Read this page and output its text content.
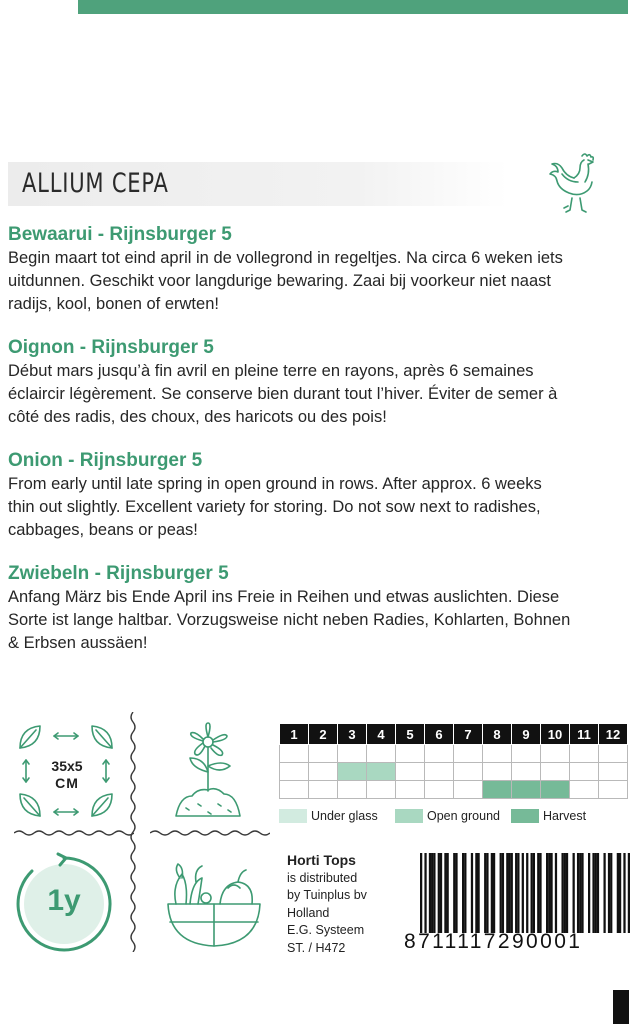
ALLIUM CEPA
Bewaarui - Rijnsburger 5
Begin maart tot eind april in de vollegrond in regeltjes. Na circa 6 weken iets
uitdunnen. Geschikt voor langdurige bewaring. Zaai bij voorkeur niet naast
radijs, kool, bonen of erwten!
Oignon - Rijnsburger 5
Début mars jusqu’à fin avril en pleine terre en rayons, après 6 semaines
éclaircir légèrement. Se conserve bien durant tout l’hiver. Éviter de semer à
côté des radis, des choux, des haricots ou des pois!
Onion - Rijnsburger 5
From early until late spring in open ground in rows. After approx. 6 weeks
thin out slightly. Excellent variety for storing. Do not sow next to radishes,
cabbages, beans or peas!
Zwiebeln - Rijnsburger 5
Anfang März bis Ende April ins Freie in Reihen und etwas auslichten. Diese
Sorte ist lange haltbar. Vorzugsweise nicht neben Radies, Kohlarten, Bohnen
& Erbsen aussäen!
35x5
CM
1y
1	2	3	4	5	6	7	8	9	10	11	12

Under glass	Open ground	Harvest
Horti Tops
is distributed
by Tuinplus bv
Holland
E.G. Systeem
ST. / H472	8711117290001
